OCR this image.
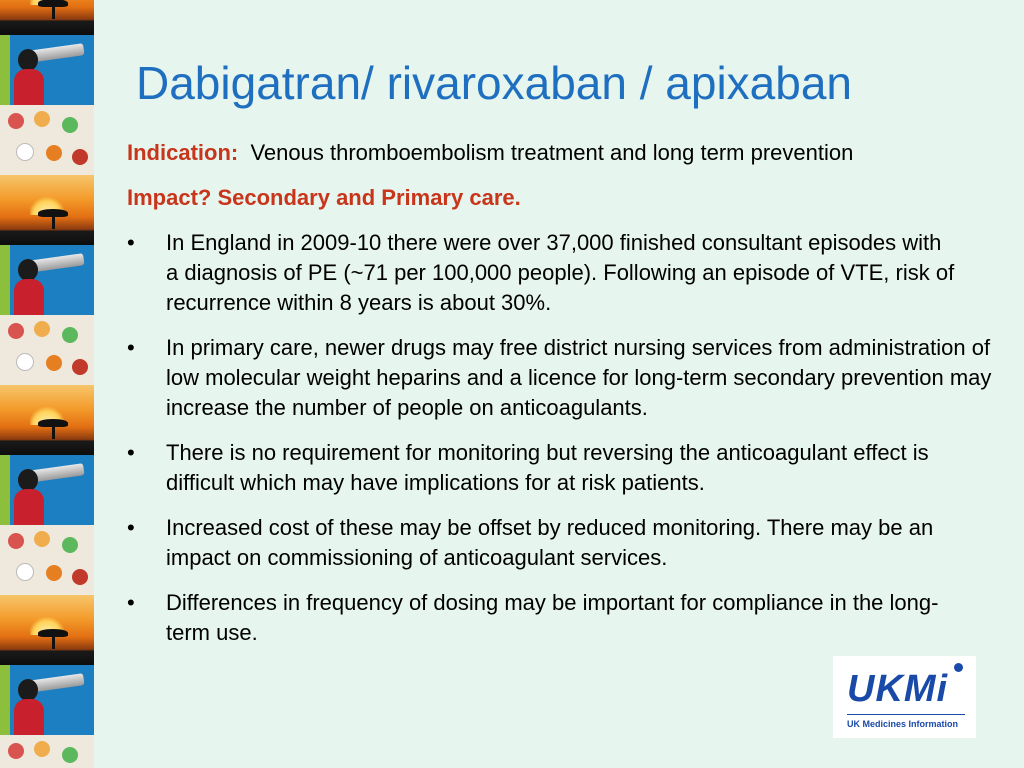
Dabigatran/ rivaroxaban / apixaban

Indication: Venous thromboembolism treatment and long term prevention

Impact? Secondary and Primary care.

• In England in 2009-10 there were over 37,000 finished consultant episodes with a diagnosis of PE (~71 per 100,000 people). Following an episode of VTE, risk of recurrence within 8 years is about 30%.
• In primary care, newer drugs may free district nursing services from administration of low molecular weight heparins and a licence for long-term secondary prevention may increase the number of people on anticoagulants.
• There is no requirement for monitoring but reversing the anticoagulant effect is difficult which may have implications for at risk patients.
• Increased cost of these may be offset by reduced monitoring. There may be an impact on commissioning of anticoagulant services.
• Differences in frequency of dosing may be important for compliance in the long-term use.
UKMi
UK Medicines Information
